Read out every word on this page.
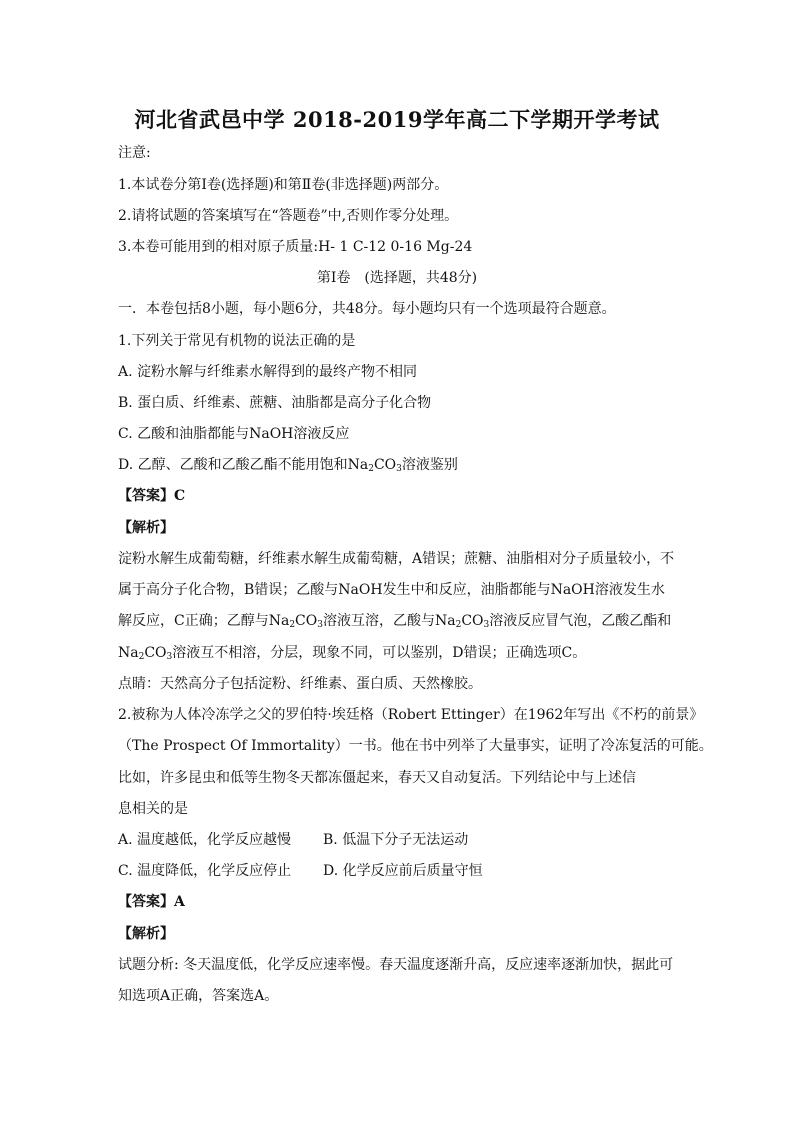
河北省武邑中学 2018-2019学年高二下学期开学考试
注意:
1.本试卷分第Ⅰ卷(选择题)和第Ⅱ卷(非选择题)两部分。
2.请将试题的答案填写在“答题卷”中,否则作零分处理。
3.本卷可能用到的相对原子质量:H- 1 C-12 0-16 Mg-24
第Ⅰ卷　(选择题，共48分)
一．本卷包括8小题，每小题6分，共48分。每小题均只有一个选项最符合题意。
1.下列关于常见有机物的说法正确的是
A. 淀粉水解与纤维素水解得到的最终产物不相同
B. 蛋白质、纤维素、蔗糖、油脂都是高分子化合物
C. 乙酸和油脂都能与NaOH溶液反应
D. 乙醇、乙酸和乙酸乙酯不能用饱和$Na_2CO_3$溶液鉴别
【答案】C
【解析】
淀粉水解生成葡萄糖，纤维素水解生成葡萄糖，A错误；蔗糖、油脂相对分子质量较小，不
属于高分子化合物，B错误；乙酸与NaOH发生中和反应，油脂都能与NaOH溶液发生水
解反应，C正确；乙醇与$Na_2CO_3$溶液互溶，乙酸与$Na_2CO_3$溶液反应冒气泡，乙酸乙酯和
$Na_2CO_3$溶液互不相溶，分层，现象不同，可以鉴别，D错误；正确选项C。
点睛：天然高分子包括淀粉、纤维素、蛋白质、天然橡胶。
2.被称为人体冷冻学之父的罗伯特·埃廷格（Robert Ettinger）在1962年写出《不朽的前景》
（The Prospect Of Immortality）一书。他在书中列举了大量事实，证明了冷冻复活的可能。
比如，许多昆虫和低等生物冬天都冻僵起来，春天又自动复活。下列结论中与上述信
息相关的是
A. 温度越低，化学反应越慢 B. 低温下分子无法运动
C. 温度降低，化学反应停止 D. 化学反应前后质量守恒
【答案】A
【解析】
试题分析: 冬天温度低，化学反应速率慢。春天温度逐渐升高，反应速率逐渐加快，据此可
知选项A正确，答案选A。
